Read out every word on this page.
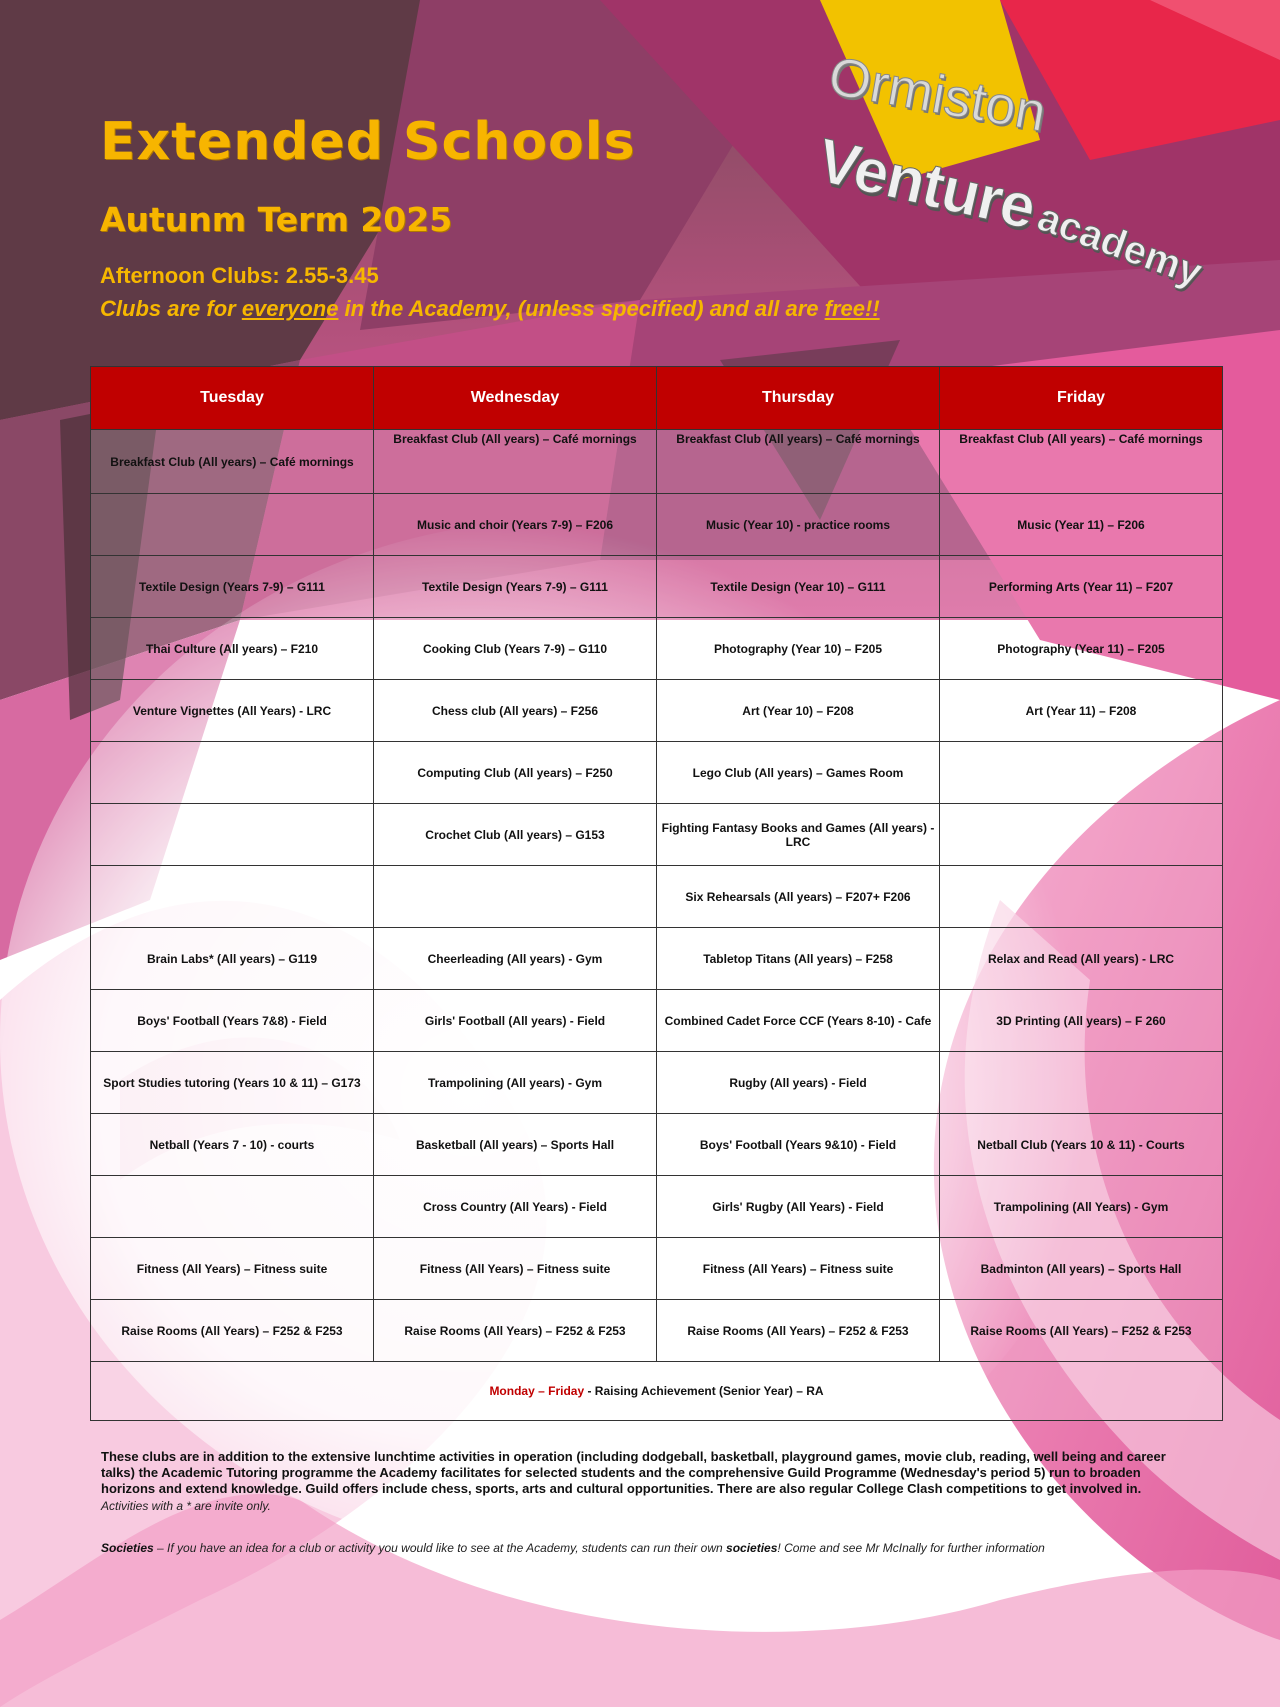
Extended Schools
Autunm Term 2025
Afternoon Clubs: 2.55-3.45
Clubs are for everyone in the Academy, (unless specified) and all are free!!
Ormiston
Venture
academy
Tuesday	Wednesday	Thursday	Friday
Breakfast Club (All years) – Café mornings	Breakfast Club (All years) – Café mornings	Breakfast Club (All years) – Café mornings	Breakfast Club (All years) – Café mornings
	Music and choir (Years 7-9) – F206	Music (Year 10) - practice rooms	Music (Year 11) – F206
Textile Design (Years 7-9) – G111	Textile Design (Years 7-9) – G111	Textile Design (Year 10) – G111	Performing Arts (Year 11) – F207
Thai Culture (All years) – F210	Cooking Club (Years 7-9) – G110	Photography (Year 10) – F205	Photography (Year 11) – F205
Venture Vignettes (All Years) - LRC	Chess club (All years) – F256	Art (Year 10) – F208	Art (Year 11) – F208
	Computing Club (All years) – F250	Lego Club (All years) – Games Room	
	Crochet Club (All years) – G153	Fighting Fantasy Books and Games (All years) - LRC	
		Six Rehearsals (All years) – F207+ F206	
Brain Labs* (All years) – G119	Cheerleading (All years) - Gym	Tabletop Titans (All years) – F258	Relax and Read (All years) - LRC
Boys' Football (Years 7&8) - Field	Girls' Football (All years) - Field	Combined Cadet Force CCF (Years 8-10) - Cafe	3D Printing (All years) – F 260
Sport Studies tutoring (Years 10 & 11) – G173	Trampolining (All years) - Gym	Rugby (All years) - Field	
Netball (Years 7 - 10) - courts	Basketball (All years) – Sports Hall	Boys' Football (Years 9&10) - Field	Netball Club (Years 10 & 11) - Courts
	Cross Country (All Years) - Field	Girls' Rugby (All Years) - Field	Trampolining (All Years) - Gym
Fitness (All Years) – Fitness suite	Fitness (All Years) – Fitness suite	Fitness (All Years) – Fitness suite	Badminton (All years) – Sports Hall
Raise Rooms (All Years) – F252 & F253	Raise Rooms (All Years) – F252 & F253	Raise Rooms (All Years) – F252 & F253	Raise Rooms (All Years) – F252 & F253
Monday – Friday - Raising Achievement (Senior Year) – RA			
These clubs are in addition to the extensive lunchtime activities in operation (including dodgeball, basketball, playground games, movie club, reading, well being and career talks) the Academic Tutoring programme the Academy facilitates for selected students and the comprehensive Guild Programme (Wednesday's period 5) run to broaden horizons and extend knowledge. Guild offers include chess, sports, arts and cultural opportunities. There are also regular College Clash competitions to get involved in.
Activities with a * are invite only.
Societies – If you have an idea for a club or activity you would like to see at the Academy, students can run their own societies! Come and see Mr McInally for further information
